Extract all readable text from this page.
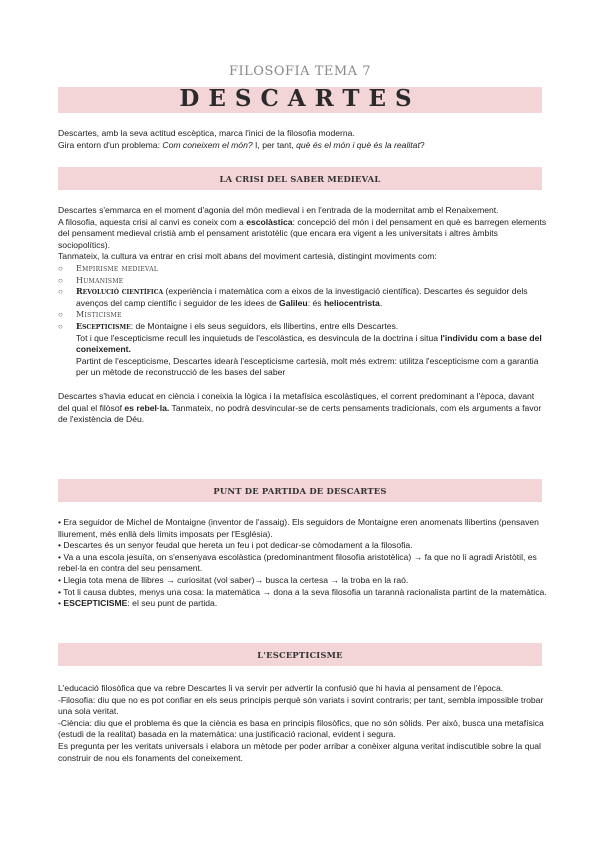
FILOSOFIA TEMA 7
DESCARTES

Descartes, amb la seva actitud escèptica, marca l'inici de la filosofia moderna.

Gira entorn d'un problema: Com coneixem el món? I, per tant, què és el món i què és la realitat?

LA CRISI DEL SABER MEDIEVAL

Descartes s'emmarca en el moment d'agonia del món medieval i en l'entrada de la modernitat amb el Renaixement.

A filosofia, aquesta crisi al canvi es coneix com a escolàstica: concepció del món i del pensament en què es barregen elements del pensament medieval cristià amb el pensament aristotèlic (que encara era vigent a les universitats i altres àmbits sociopolítics).

Tanmateix, la cultura va entrar en crisi molt abans del moviment cartesià, distingint moviments com:

○ Empirisme medieval
○ Humanisme
○ Revolució científica (experiència i matemàtica com a eixos de la investigació científica). Descartes és seguidor dels avenços del camp científic i seguidor de les idees de Galileu: és heliocentrista.
○ Misticisme
○ Escepticisme: de Montaigne i els seus seguidors, els llibertins, entre ells Descartes.

Tot i que l'escepticisme recull les inquietuds de l'escolàstica, es desvincula de la doctrina i situa l'individu com a base del coneixement.

Partint de l'escepticisme, Descartes idearà l'escepticisme cartesià, molt més extrem: utilitza l'escepticisme com a garantia per un mètode de reconstrucció de les bases del saber

Descartes s'havia educat en ciència i coneixia la lògica i la metafísica escolàstiques, el corrent predominant a l'època, davant del qual el filòsof es rebel·la. Tanmateix, no podrà desvincular-se de certs pensaments tradicionals, com els arguments a favor de l'existència de Déu.

PUNT DE PARTIDA DE DESCARTES

• Era seguidor de Michel de Montaigne (inventor de l'assaig). Els seguidors de Montaigne eren anomenats llibertins (pensaven lliurement, més enllà dels límits imposats per l'Església).

• Descartes és un senyor feudal que hereta un feu i pot dedicar-se còmodament a la filosofia.

• Va a una escola jesuïta, on s'ensenyava escolàstica (predominantment filosofia aristotèlica) → fa que no li agradi Aristòtil, es rebel·la en contra del seu pensament.

• Llegia tota mena de llibres → curiositat (vol saber)→ busca la certesa → la troba en la raó.

• Tot li causa dubtes, menys una cosa: la matemàtica → dona a la seva filosofia un tarannà racionalista partint de la matemàtica.

• ESCEPTICISME: el seu punt de partida.

L'ESCEPTICISME

L'educació filosòfica que va rebre Descartes li va servir per advertir la confusió que hi havia al pensament de l'època.

-Filosofia: diu que no es pot confiar en els seus principis perquè són variats i sovint contraris; per tant, sembla impossible trobar una sola veritat.

-Ciència: diu que el problema és que la ciència es basa en principis filosòfics, que no són sòlids. Per això, busca una metafísica (estudi de la realitat) basada en la matemàtica: una justificació racional, evident i segura.

Es pregunta per les veritats universals i elabora un mètode per poder arribar a conèixer alguna veritat indiscutible sobre la qual construir de nou els fonaments del coneixement.
